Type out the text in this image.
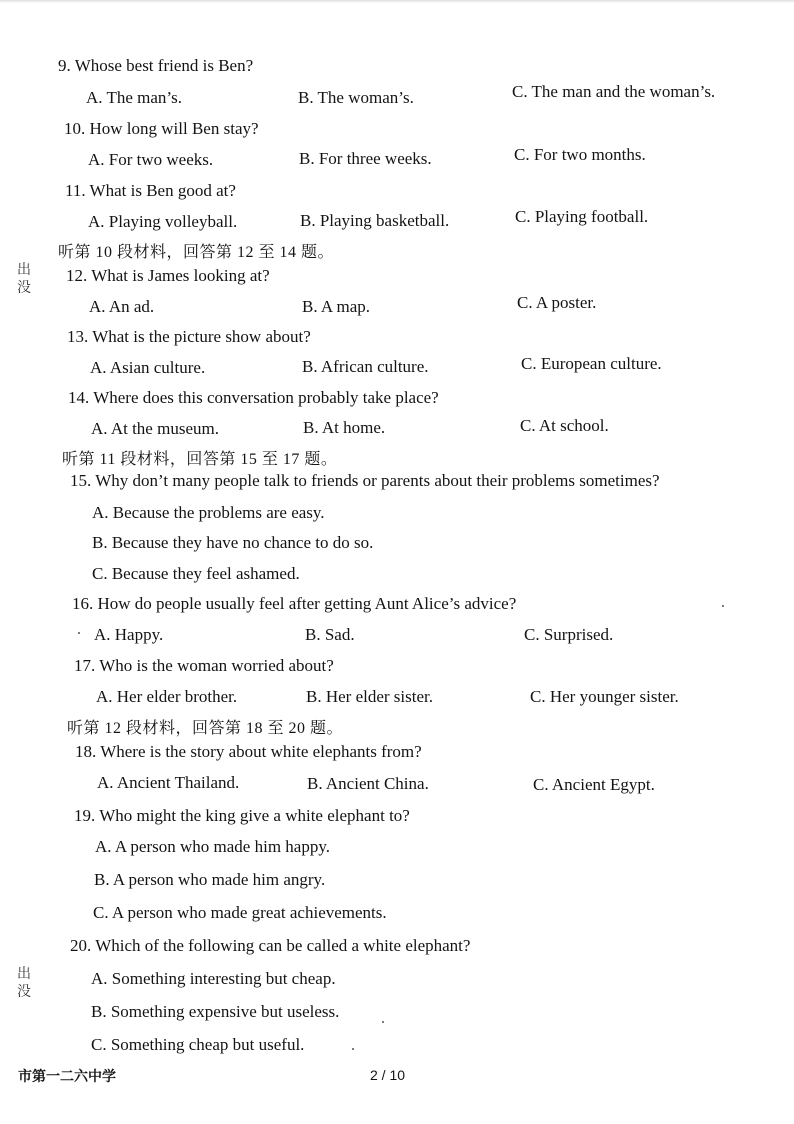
9. Whose best friend is Ben?
A. The man’s.	B. The woman’s.	C. The man and the woman’s.
10. How long will Ben stay?
A. For two weeks.	B. For three weeks.	C. For two months.
11. What is Ben good at?
A. Playing volleyball.	B. Playing basketball.	C. Playing football.
听第 10 段材料，回答第 12 至 14 题。
12. What is James looking at?
A. An ad.	B. A map.	C. A poster.
13. What is the picture show about?
A. Asian culture.	B. African culture.	C. European culture.
14. Where does this conversation probably take place?
A. At the museum.	B. At home.	C. At school.
听第 11 段材料，回答第 15 至 17 题。
15. Why don’t many people talk to friends or parents about their problems sometimes?
A. Because the problems are easy.
B. Because they have no chance to do so.
C. Because they feel ashamed.
16. How do people usually feel after getting Aunt Alice’s advice?
A. Happy.	B. Sad.	C. Surprised.
17. Who is the woman worried about?
A. Her elder brother.	B. Her elder sister.	C. Her younger sister.
听第 12 段材料，回答第 18 至 20 题。
18. Where is the story about white elephants from?
A. Ancient Thailand.	B. Ancient China.	C. Ancient Egypt.
19. Who might the king give a white elephant to?
A. A person who made him happy.
B. A person who made him angry.
C. A person who made great achievements.
20. Which of the following can be called a white elephant?
A. Something interesting but cheap.
B. Something expensive but useless.
C. Something cheap but useful.
出没
出没
市第一二六中学	2 / 10
